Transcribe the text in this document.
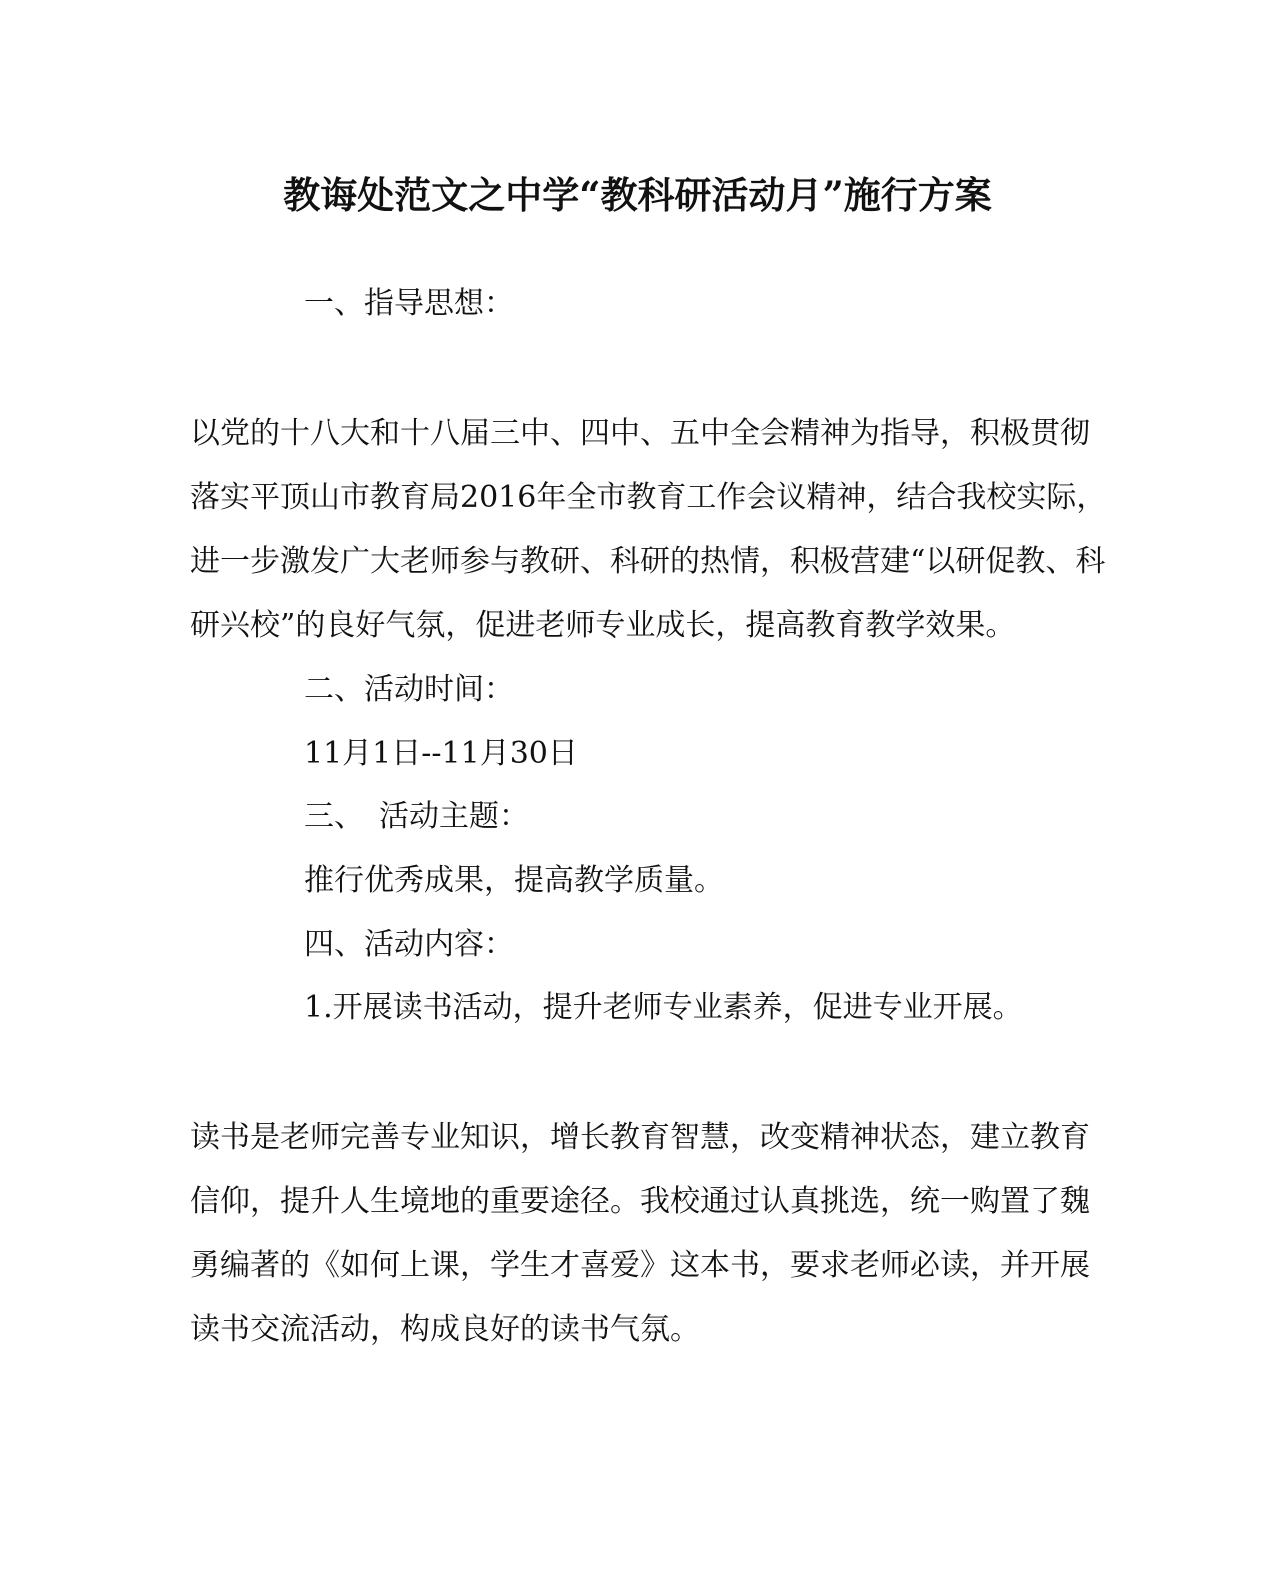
教诲处范文之中学“教科研活动月”施行方案
一、指导思想：
以党的十八大和十八届三中、四中、五中全会精神为指导，积极贯彻
落实平顶山市教育局2016年全市教育工作会议精神，结合我校实际，
进一步激发广大老师参与教研、科研的热情，积极营建“以研促教、科
研兴校”的良好气氛，促进老师专业成长，提高教育教学效果。
二、活动时间：
11月1日--11月30日
三、　活动主题：
推行优秀成果，提高教学质量。
四、活动内容：
1.开展读书活动，提升老师专业素养，促进专业开展。
读书是老师完善专业知识，增长教育智慧，改变精神状态，建立教育
信仰，提升人生境地的重要途径。我校通过认真挑选，统一购置了魏
勇编著的《如何上课，学生才喜爱》这本书，要求老师必读，并开展
读书交流活动，构成良好的读书气氛。
